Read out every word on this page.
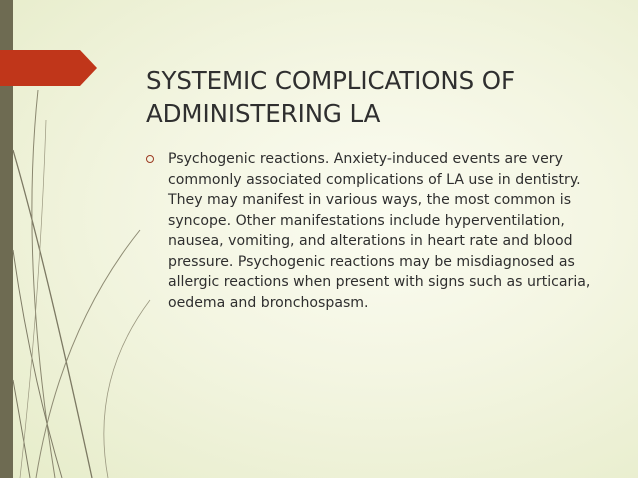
SYSTEMIC COMPLICATIONS OF
ADMINISTERING LA
Psychogenic reactions. Anxiety-induced events are very
commonly associated complications of LA use in dentistry.
They may manifest in various ways, the most common is
syncope. Other manifestations include hyperventilation,
nausea, vomiting, and alterations in heart rate and blood
pressure. Psychogenic reactions may be misdiagnosed as
allergic reactions when present with signs such as urticaria,
oedema and bronchospasm.
